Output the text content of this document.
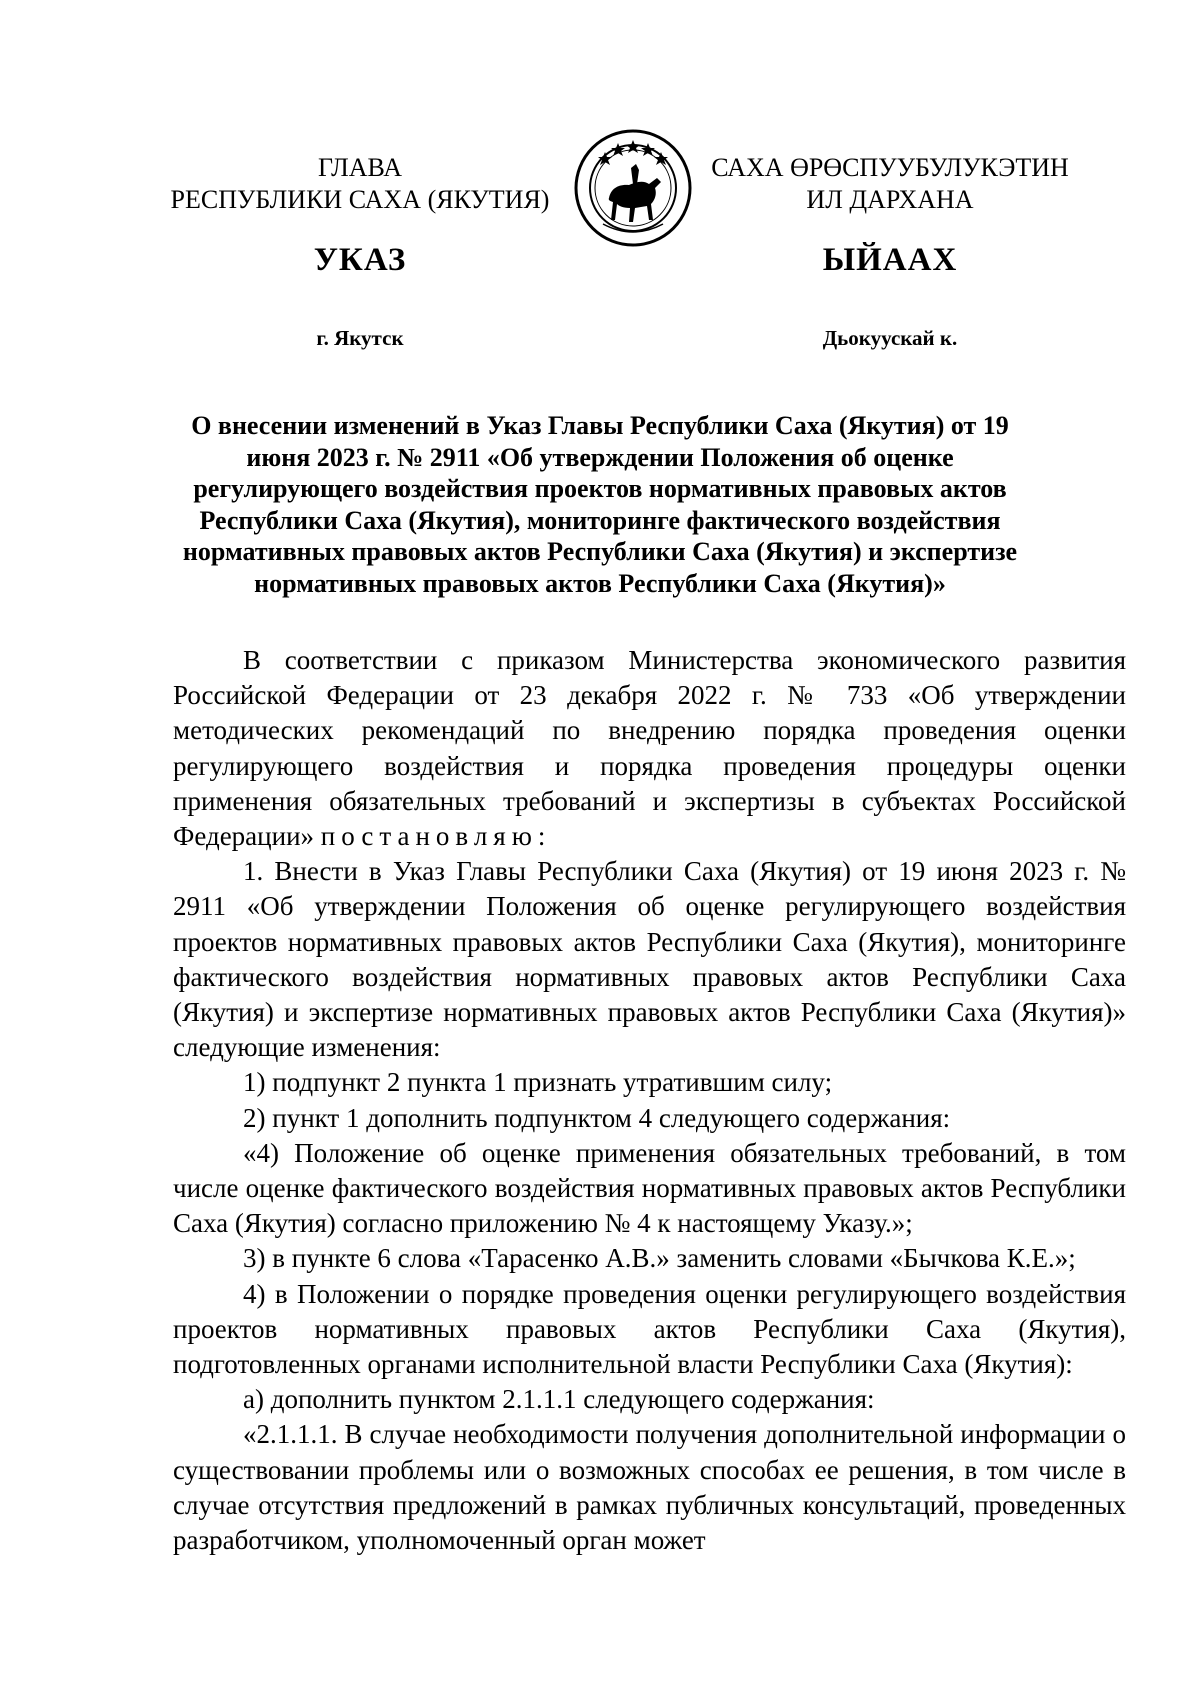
ГЛАВА
РЕСПУБЛИКИ САХА (ЯКУТИЯ)
САХА ӨРӨСПУУБУЛУКЭТИН
ИЛ ДАРХАНА
УКАЗ	ЫЙААХ
г. Якутск	Дьокуускай к.
О внесении изменений в Указ Главы Республики Саха (Якутия) от 19 июня 2023 г. № 2911 «Об утверждении Положения об оценке регулирующего воздействия проектов нормативных правовых актов Республики Саха (Якутия), мониторинге фактического воздействия нормативных правовых актов Республики Саха (Якутия) и экспертизе нормативных правовых актов Республики Саха (Якутия)»

В соответствии с приказом Министерства экономического развития Российской Федерации от 23 декабря 2022 г. № 733 «Об утверждении методических рекомендаций по внедрению порядка проведения оценки регулирующего воздействия и порядка проведения процедуры оценки применения обязательных требований и экспертизы в субъектах Российской Федерации» постановляю:

1. Внести в Указ Главы Республики Саха (Якутия) от 19 июня 2023 г. № 2911 «Об утверждении Положения об оценке регулирующего воздействия проектов нормативных правовых актов Республики Саха (Якутия), мониторинге фактического воздействия нормативных правовых актов Республики Саха (Якутия) и экспертизе нормативных правовых актов Республики Саха (Якутия)» следующие изменения:

1) подпункт 2 пункта 1 признать утратившим силу;

2) пункт 1 дополнить подпунктом 4 следующего содержания:

«4) Положение об оценке применения обязательных требований, в том числе оценке фактического воздействия нормативных правовых актов Республики Саха (Якутия) согласно приложению № 4 к настоящему Указу.»;

3) в пункте 6 слова «Тарасенко А.В.» заменить словами «Бычкова К.Е.»;

4) в Положении о порядке проведения оценки регулирующего воздействия проектов нормативных правовых актов Республики Саха (Якутия), подготовленных органами исполнительной власти Республики Саха (Якутия):

а) дополнить пунктом 2.1.1.1 следующего содержания:

«2.1.1.1. В случае необходимости получения дополнительной информации о существовании проблемы или о возможных способах ее решения, в том числе в случае отсутствия предложений в рамках публичных консультаций, проведенных разработчиком, уполномоченный орган может
